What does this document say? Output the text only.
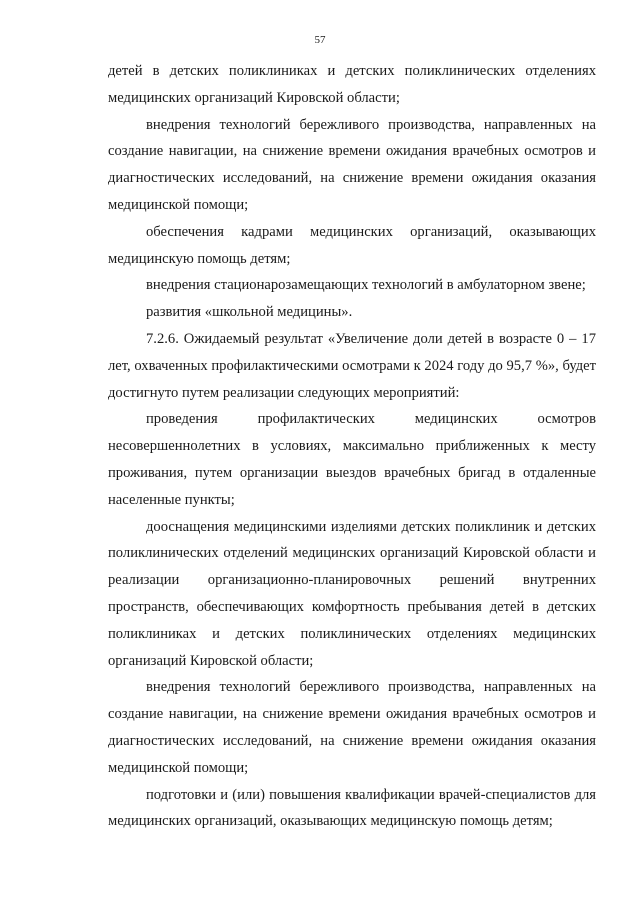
57

детей в детских поликлиниках и детских поликлинических отделениях медицинских организаций Кировской области;

внедрения технологий бережливого производства, направленных на создание навигации, на снижение времени ожидания врачебных осмотров и диагностических исследований, на снижение времени ожидания оказания медицинской помощи;

обеспечения кадрами медицинских организаций, оказывающих медицинскую помощь детям;

внедрения стационарозамещающих технологий в амбулаторном звене;

развития «школьной медицины».

7.2.6. Ожидаемый результат «Увеличение доли детей в возрасте 0 – 17 лет, охваченных профилактическими осмотрами к 2024 году до 95,7 %», будет достигнуто путем реализации следующих мероприятий:

проведения профилактических медицинских осмотров несовершеннолетних в условиях, максимально приближенных к месту проживания, путем организации выездов врачебных бригад в отдаленные населенные пункты;

дооснащения медицинскими изделиями детских поликлиник и детских поликлинических отделений медицинских организаций Кировской области и реализации организационно-планировочных решений внутренних пространств, обеспечивающих комфортность пребывания детей в детских поликлиниках и детских поликлинических отделениях медицинских организаций Кировской области;

внедрения технологий бережливого производства, направленных на создание навигации, на снижение времени ожидания врачебных осмотров и диагностических исследований, на снижение времени ожидания оказания медицинской помощи;

подготовки и (или) повышения квалификации врачей-специалистов для медицинских организаций, оказывающих медицинскую помощь детям;
